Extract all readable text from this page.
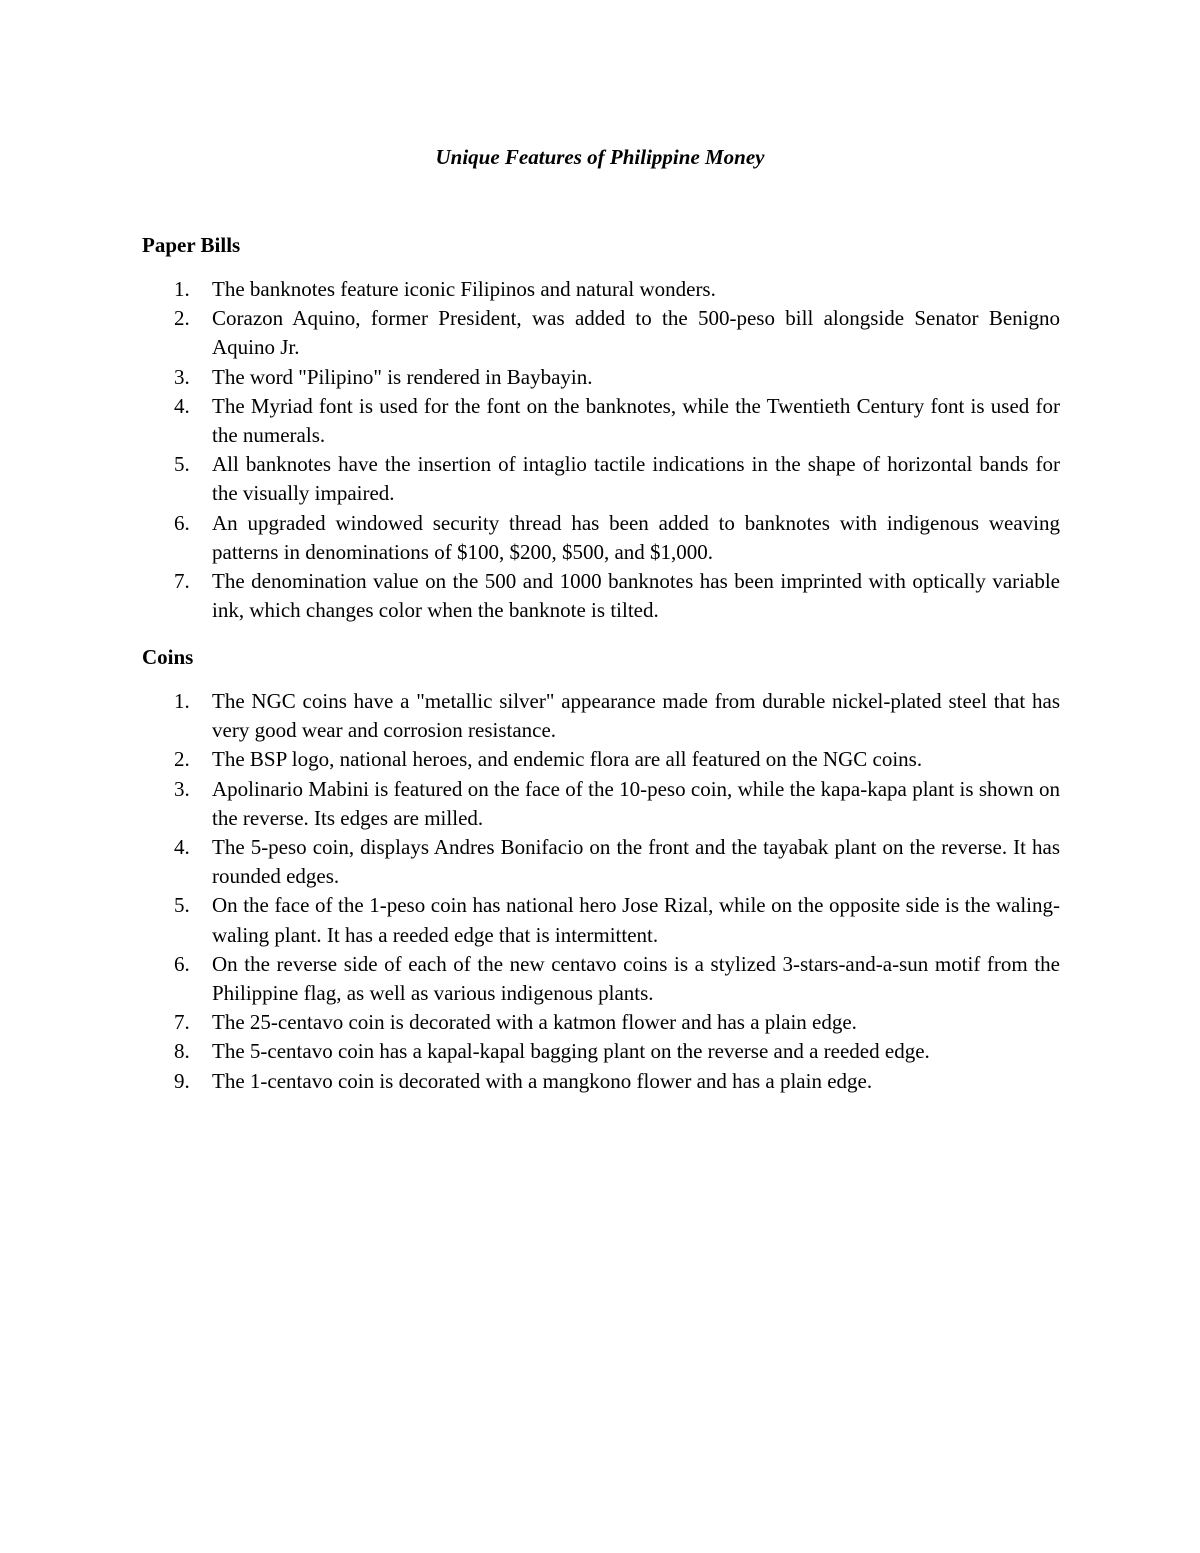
Unique Features of Philippine Money
Paper Bills
1. The banknotes feature iconic Filipinos and natural wonders.
2. Corazon Aquino, former President, was added to the 500-peso bill alongside Senator Benigno Aquino Jr.
3. The word "Pilipino" is rendered in Baybayin.
4. The Myriad font is used for the font on the banknotes, while the Twentieth Century font is used for the numerals.
5. All banknotes have the insertion of intaglio tactile indications in the shape of horizontal bands for the visually impaired.
6. An upgraded windowed security thread has been added to banknotes with indigenous weaving patterns in denominations of $100, $200, $500, and $1,000.
7. The denomination value on the 500 and 1000 banknotes has been imprinted with optically variable ink, which changes color when the banknote is tilted.
Coins
1. The NGC coins have a "metallic silver" appearance made from durable nickel-plated steel that has very good wear and corrosion resistance.
2. The BSP logo, national heroes, and endemic flora are all featured on the NGC coins.
3. Apolinario Mabini is featured on the face of the 10-peso coin, while the kapa-kapa plant is shown on the reverse. Its edges are milled.
4. The 5-peso coin, displays Andres Bonifacio on the front and the tayabak plant on the reverse. It has rounded edges.
5. On the face of the 1-peso coin has national hero Jose Rizal, while on the opposite side is the waling-waling plant. It has a reeded edge that is intermittent.
6. On the reverse side of each of the new centavo coins is a stylized 3-stars-and-a-sun motif from the Philippine flag, as well as various indigenous plants.
7. The 25-centavo coin is decorated with a katmon flower and has a plain edge.
8. The 5-centavo coin has a kapal-kapal bagging plant on the reverse and a reeded edge.
9. The 1-centavo coin is decorated with a mangkono flower and has a plain edge.
